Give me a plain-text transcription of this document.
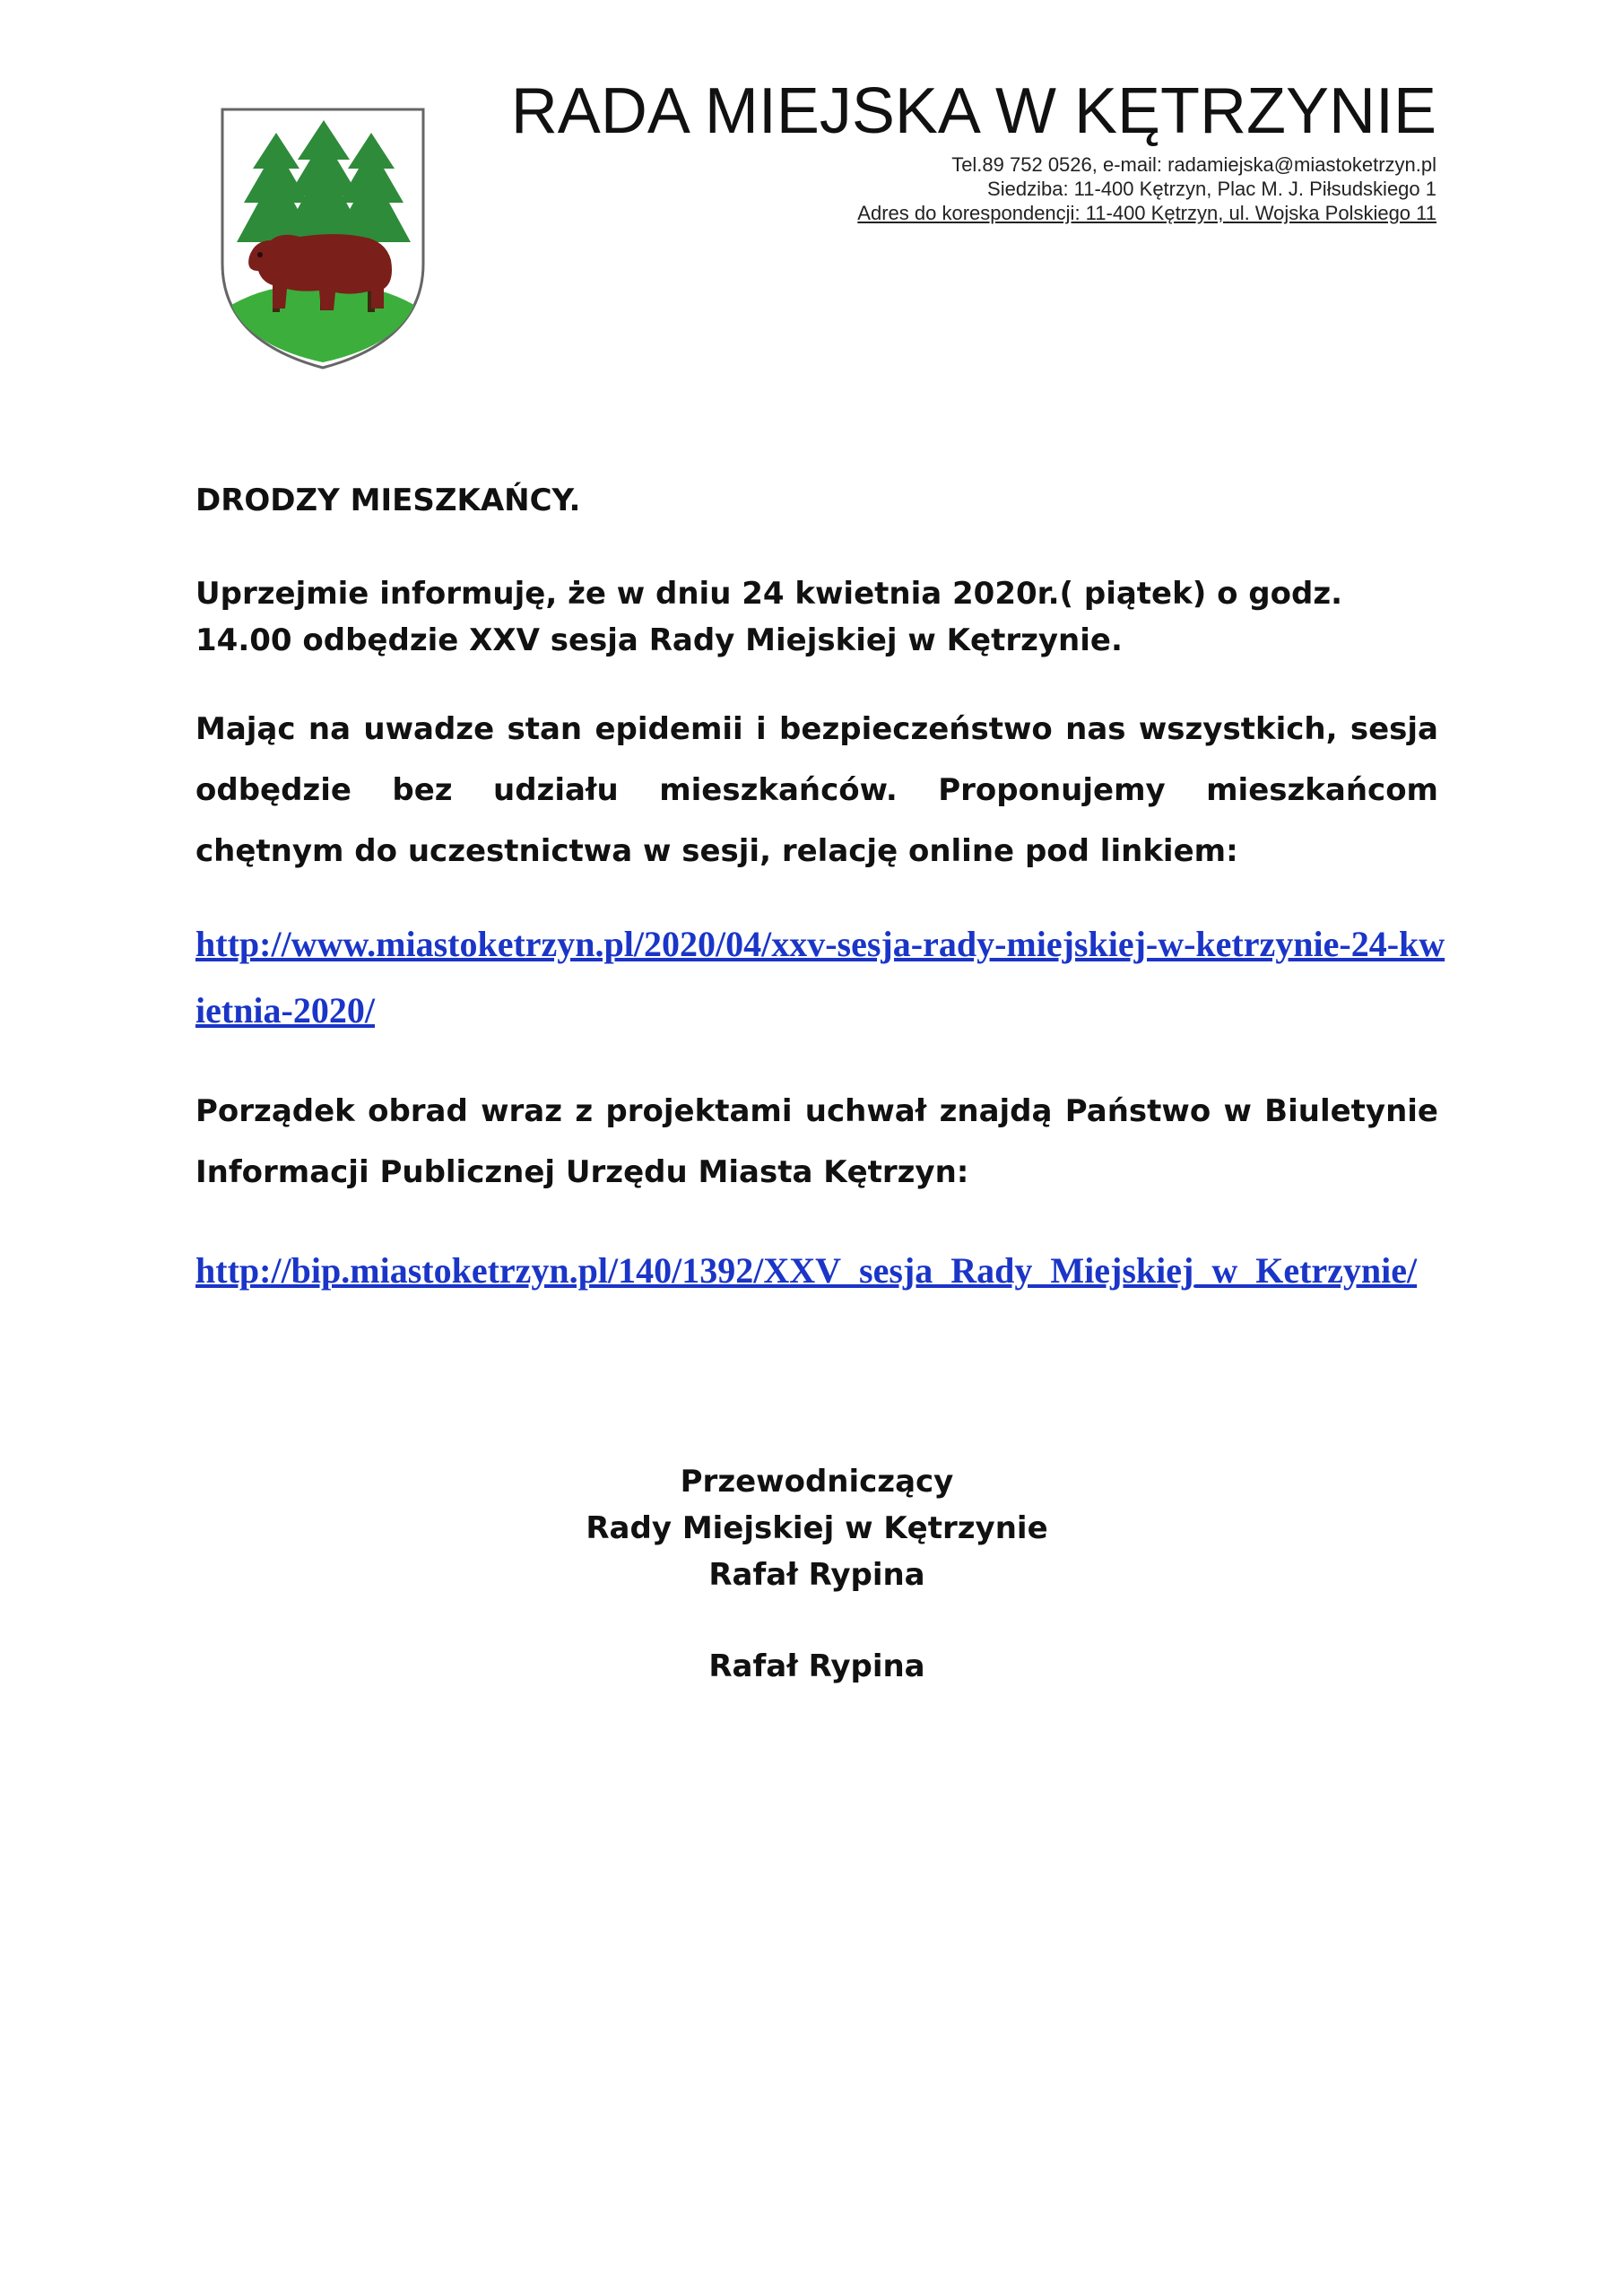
RADA MIEJSKA W KĘTRZYNIE
Tel.89 752 0526, e-mail: radamiejska@miastoketrzyn.pl
Siedziba: 11-400 Kętrzyn, Plac M. J. Piłsudskiego 1
Adres do korespondencji: 11-400 Kętrzyn, ul. Wojska Polskiego 11
DRODZY MIESZKAŃCY.
Uprzejmie informuję, że w dniu 24 kwietnia 2020r.( piątek) o godz. 14.00 odbędzie XXV sesja Rady Miejskiej w Kętrzynie.
Mając na uwadze stan epidemii i bezpieczeństwo nas wszystkich, sesja odbędzie bez udziału mieszkańców. Proponujemy mieszkańcom chętnym do uczestnictwa w sesji, relację online pod linkiem:
http://www.miastoketrzyn.pl/2020/04/xxv-sesja-rady-miejskiej-w-ketrzynie-24-kwietnia-2020/
Porządek obrad wraz z projektami uchwał znajdą Państwo w Biuletynie Informacji Publicznej Urzędu Miasta Kętrzyn:
http://bip.miastoketrzyn.pl/140/1392/XXV_sesja_Rady_Miejskiej_w_Ketrzynie/
Przewodniczący
Rady Miejskiej w Kętrzynie
Rafał Rypina
Rafał Rypina
